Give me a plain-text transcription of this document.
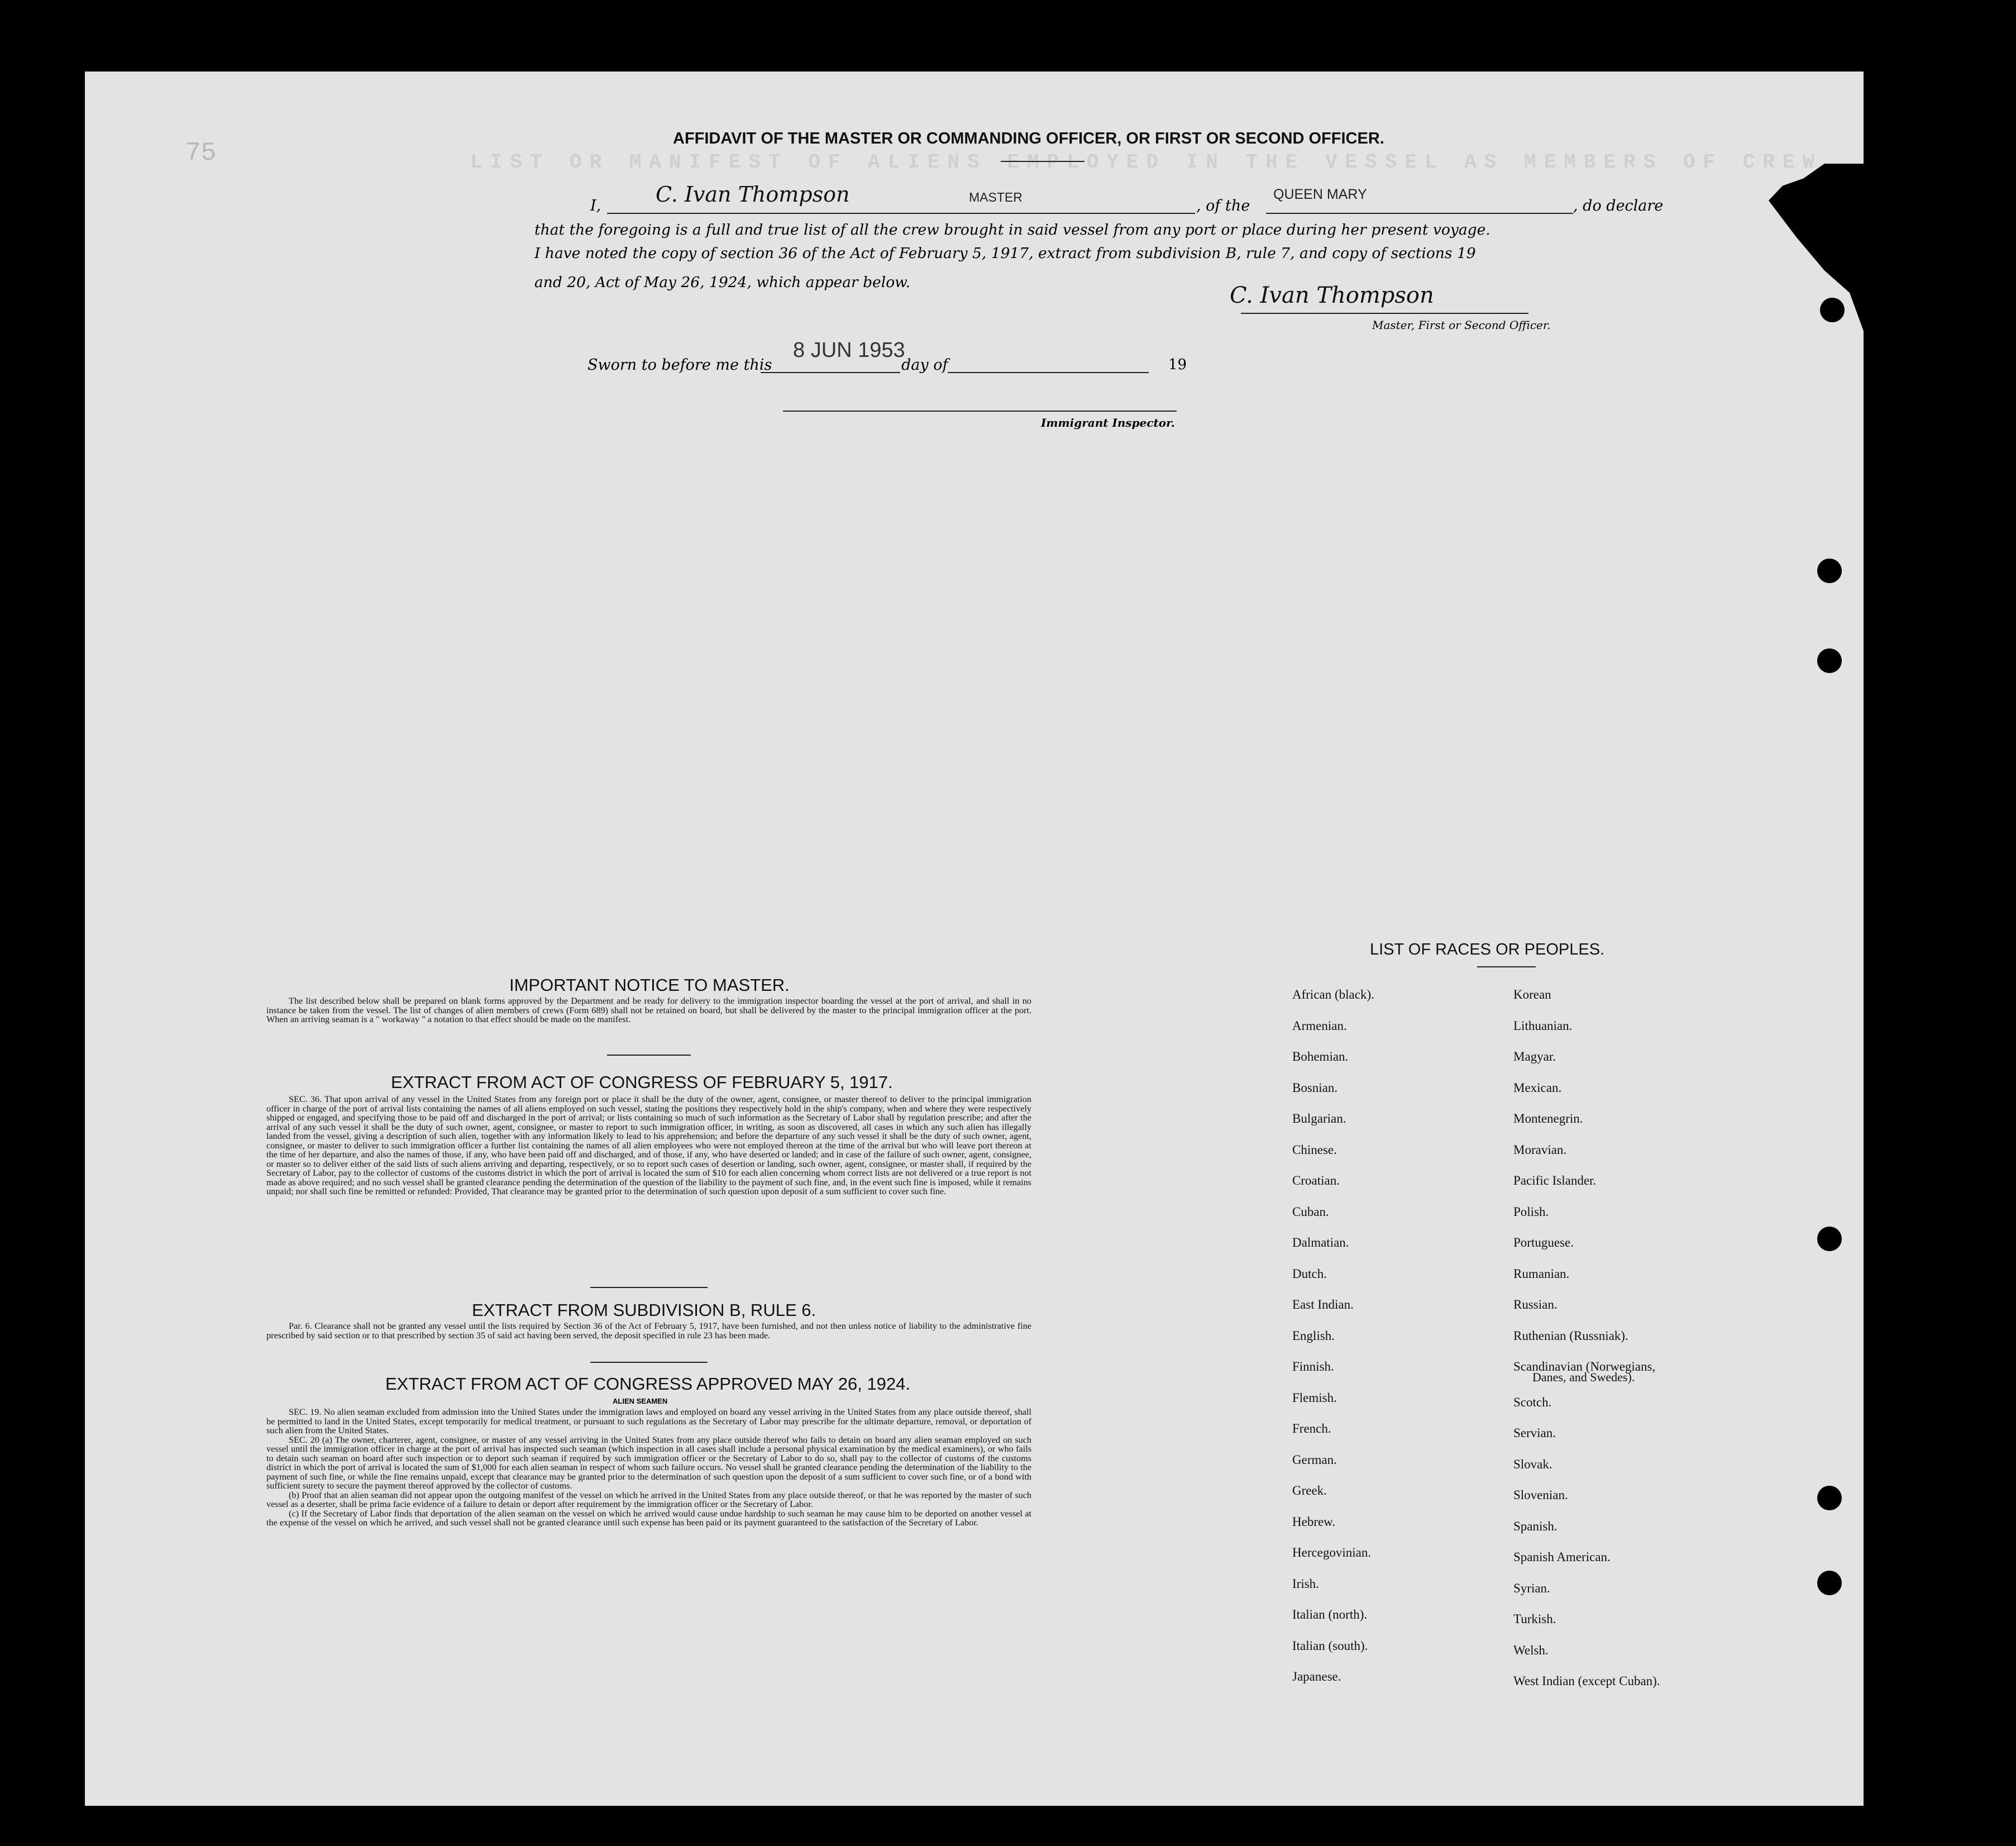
LIST OR MANIFEST OF ALIENS EMPLOYED IN THE VESSEL AS MEMBERS OF CREW
75	AFFIDAVIT OF THE MASTER OR COMMANDING OFFICER, OR FIRST OR SECOND OFFICER.
I,	C. Ivan Thompson	MASTER	, of the
QUEEN MARY
, do declare
that the foregoing is a full and true list of all the crew brought in said vessel from any port or place during her present voyage.
I have noted the copy of section 36 of the Act of February 5, 1917, extract from subdivision B, rule 7, and copy of sections 19
and 20, Act of May 26, 1924, which appear below.
C. Ivan Thompson
Master, First or Second Officer.
Sworn to before me this
8 JUN 1953
day of	19
Immigrant Inspector.
IMPORTANT NOTICE TO MASTER.

The list described below shall be prepared on blank forms approved by the Department and be ready for delivery to the immigration inspector boarding the vessel at the port of arrival, and shall in no instance be taken from the vessel. The list of changes of alien members of crews (Form 689) shall not be retained on board, but shall be delivered by the master to the principal immigration officer at the port. When an arriving seaman is a " workaway " a notation to that effect should be made on the manifest.

EXTRACT FROM ACT OF CONGRESS OF FEBRUARY 5, 1917.

SEC. 36. That upon arrival of any vessel in the United States from any foreign port or place it shall be the duty of the owner, agent, consignee, or master thereof to deliver to the principal immigration officer in charge of the port of arrival lists containing the names of all aliens employed on such vessel, stating the positions they respectively hold in the ship's company, when and where they were respectively shipped or engaged, and specifying those to be paid off and discharged in the port of arrival; or lists containing so much of such information as the Secretary of Labor shall by regulation prescribe; and after the arrival of any such vessel it shall be the duty of such owner, agent, consignee, or master to report to such immigration officer, in writing, as soon as discovered, all cases in which any such alien has illegally landed from the vessel, giving a description of such alien, together with any information likely to lead to his apprehension; and before the departure of any such vessel it shall be the duty of such owner, agent, consignee, or master to deliver to such immigration officer a further list containing the names of all alien employees who were not employed thereon at the time of the arrival but who will leave port thereon at the time of her departure, and also the names of those, if any, who have been paid off and discharged, and of those, if any, who have deserted or landed; and in case of the failure of such owner, agent, consignee, or master so to deliver either of the said lists of such aliens arriving and departing, respectively, or so to report such cases of desertion or landing, such owner, agent, consignee, or master shall, if required by the Secretary of Labor, pay to the collector of customs of the customs district in which the port of arrival is located the sum of $10 for each alien concerning whom correct lists are not delivered or a true report is not made as above required; and no such vessel shall be granted clearance pending the determination of the question of the liability to the payment of such fine, and, in the event such fine is imposed, while it remains unpaid; nor shall such fine be remitted or refunded: Provided, That clearance may be granted prior to the determination of such question upon deposit of a sum sufficient to cover such fine.

EXTRACT FROM SUBDIVISION B, RULE 6.

Par. 6. Clearance shall not be granted any vessel until the lists required by Section 36 of the Act of February 5, 1917, have been furnished, and not then unless notice of liability to the administrative fine prescribed by said section or to that prescribed by section 35 of said act having been served, the deposit specified in rule 23 has been made.

EXTRACT FROM ACT OF CONGRESS APPROVED MAY 26, 1924.
ALIEN SEAMEN

SEC. 19. No alien seaman excluded from admission into the United States under the immigration laws and employed on board any vessel arriving in the United States from any place outside thereof, shall be permitted to land in the United States, except temporarily for medical treatment, or pursuant to such regulations as the Secretary of Labor may prescribe for the ultimate departure, removal, or deportation of such alien from the United States.

SEC. 20 (a) The owner, charterer, agent, consignee, or master of any vessel arriving in the United States from any place outside thereof who fails to detain on board any alien seaman employed on such vessel until the immigration officer in charge at the port of arrival has inspected such seaman (which inspection in all cases shall include a personal physical examination by the medical examiners), or who fails to detain such seaman on board after such inspection or to deport such seaman if required by such immigration officer or the Secretary of Labor to do so, shall pay to the collector of customs of the customs district in which the port of arrival is located the sum of $1,000 for each alien seaman in respect of whom such failure occurs. No vessel shall be granted clearance pending the determination of the liability to the payment of such fine, or while the fine remains unpaid, except that clearance may be granted prior to the determination of such question upon the deposit of a sum sufficient to cover such fine, or of a bond with sufficient surety to secure the payment thereof approved by the collector of customs.

(b) Proof that an alien seaman did not appear upon the outgoing manifest of the vessel on which he arrived in the United States from any place outside thereof, or that he was reported by the master of such vessel as a deserter, shall be prima facie evidence of a failure to detain or deport after requirement by the immigration officer or the Secretary of Labor.

(c) If the Secretary of Labor finds that deportation of the alien seaman on the vessel on which he arrived would cause undue hardship to such seaman he may cause him to be deported on another vessel at the expense of the vessel on which he arrived, and such vessel shall not be granted clearance until such expense has been paid or its payment guaranteed to the satisfaction of the Secretary of Labor.

LIST OF RACES OR PEOPLES.
Danes, and Swedes).
African (black).
Armenian.
Bohemian.
Bosnian.
Bulgarian.
Chinese.
Croatian.
Cuban.
Dalmatian.
Dutch.
East Indian.
English.
Finnish.
Flemish.
French.
German.
Greek.
Hebrew.
Hercegovinian.
Irish.
Italian (north).
Italian (south).
Japanese.
Korean
Lithuanian.
Magyar.
Mexican.
Montenegrin.
Moravian.
Pacific Islander.
Polish.
Portuguese.
Rumanian.
Russian.
Ruthenian (Russniak).
Scandinavian (Norwegians,
Scotch.
Servian.
Slovak.
Slovenian.
Spanish.
Spanish American.
Syrian.
Turkish.
Welsh.
West Indian (except Cuban).
